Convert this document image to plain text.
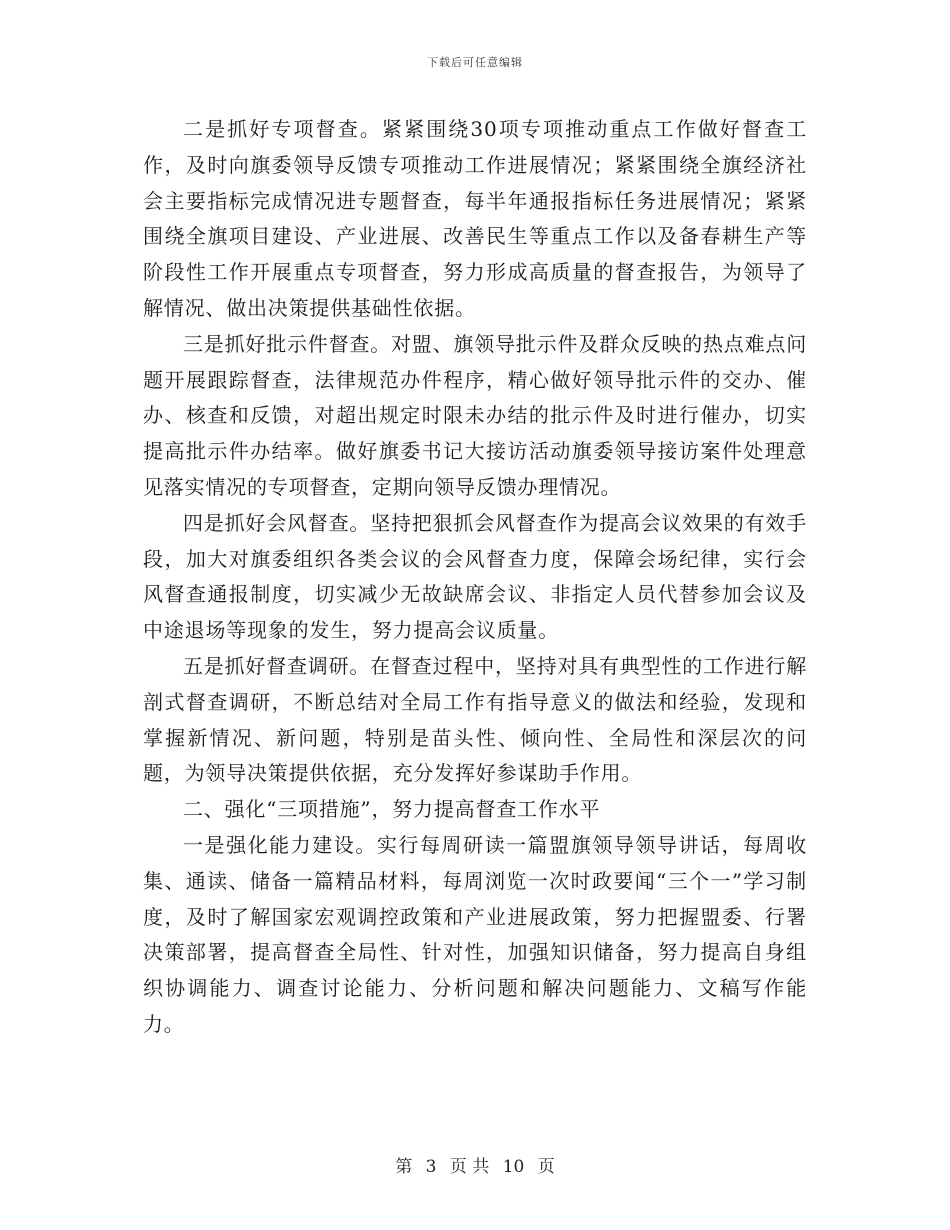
下载后可任意编辑

二是抓好专项督查。紧紧围绕30项专项推动重点工作做好督查工作，及时向旗委领导反馈专项推动工作进展情况；紧紧围绕全旗经济社会主要指标完成情况进专题督查，每半年通报指标任务进展情况；紧紧围绕全旗项目建设、产业进展、改善民生等重点工作以及备春耕生产等阶段性工作开展重点专项督查，努力形成高质量的督查报告，为领导了解情况、做出决策提供基础性依据。

三是抓好批示件督查。对盟、旗领导批示件及群众反映的热点难点问题开展跟踪督查，法律规范办件程序，精心做好领导批示件的交办、催办、核查和反馈，对超出规定时限未办结的批示件及时进行催办，切实提高批示件办结率。做好旗委书记大接访活动旗委领导接访案件处理意见落实情况的专项督查，定期向领导反馈办理情况。

四是抓好会风督查。坚持把狠抓会风督查作为提高会议效果的有效手段，加大对旗委组织各类会议的会风督查力度，保障会场纪律，实行会风督查通报制度，切实减少无故缺席会议、非指定人员代替参加会议及中途退场等现象的发生，努力提高会议质量。

五是抓好督查调研。在督查过程中，坚持对具有典型性的工作进行解剖式督查调研，不断总结对全局工作有指导意义的做法和经验，发现和掌握新情况、新问题，特别是苗头性、倾向性、全局性和深层次的问题，为领导决策提供依据，充分发挥好参谋助手作用。

二、强化“三项措施”，努力提高督查工作水平

一是强化能力建设。实行每周研读一篇盟旗领导领导讲话，每周收集、通读、储备一篇精品材料，每周浏览一次时政要闻“三个一”学习制度，及时了解国家宏观调控政策和产业进展政策，努力把握盟委、行署决策部署，提高督查全局性、针对性，加强知识储备，努力提高自身组织协调能力、调查讨论能力、分析问题和解决问题能力、文稿写作能力。

第 3 页 共 10 页
